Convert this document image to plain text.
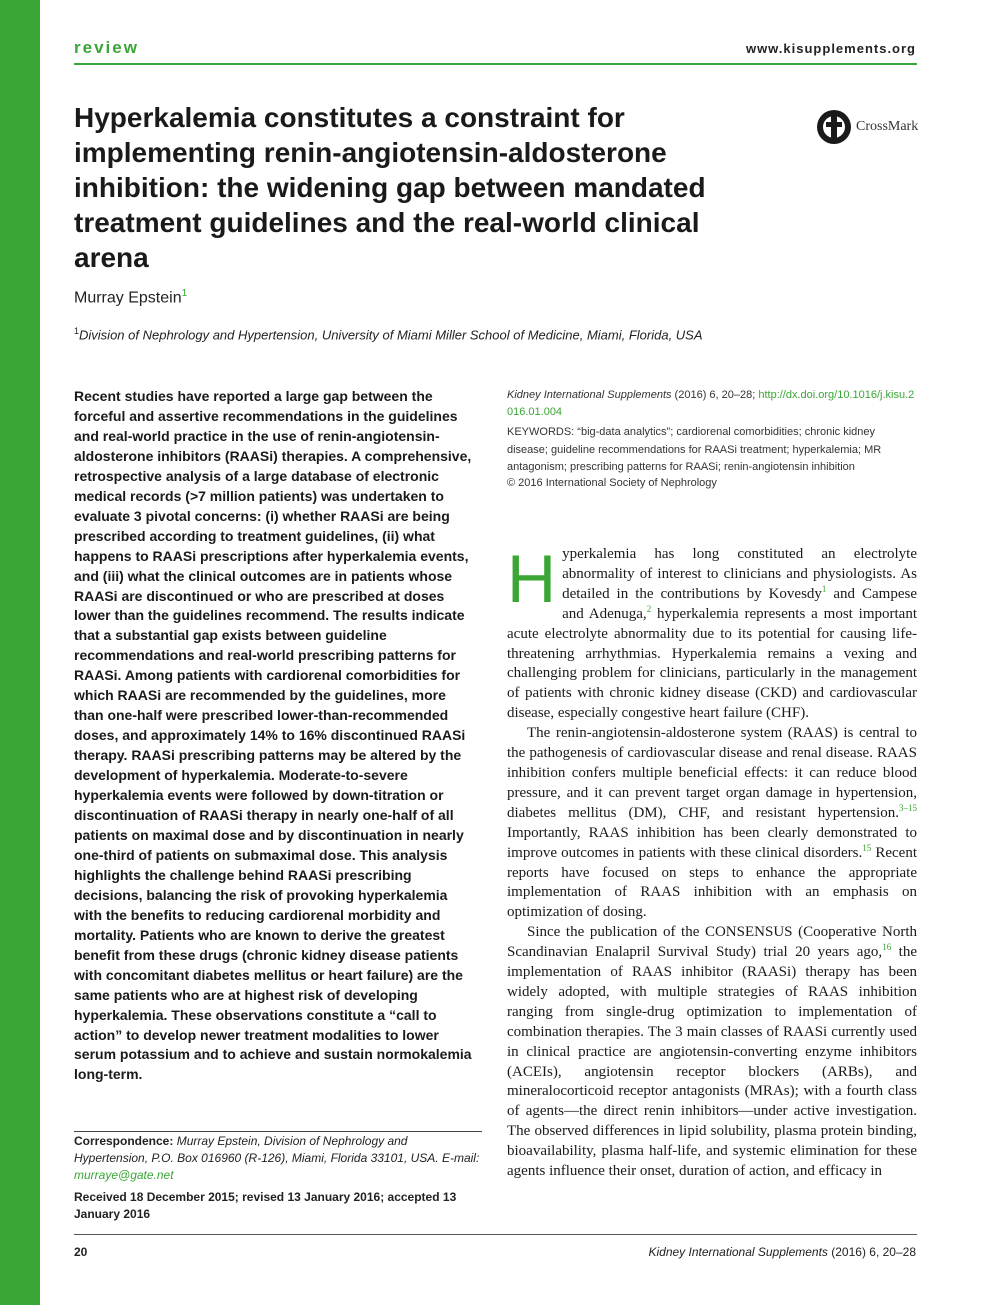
review	www.kisupplements.org
Hyperkalemia constitutes a constraint for implementing renin-angiotensin-aldosterone inhibition: the widening gap between mandated treatment guidelines and the real-world clinical arena
CrossMark
Murray Epstein$^1$
$^1$Division of Nephrology and Hypertension, University of Miami Miller School of Medicine, Miami, Florida, USA

Recent studies have reported a large gap between the forceful and assertive recommendations in the guidelines and real-world practice in the use of renin-angiotensin-aldosterone inhibitors (RAASi) therapies. A comprehensive, retrospective analysis of a large database of electronic medical records (>7 million patients) was undertaken to evaluate 3 pivotal concerns: (i) whether RAASi are being prescribed according to treatment guidelines, (ii) what happens to RAASi prescriptions after hyperkalemia events, and (iii) what the clinical outcomes are in patients whose RAASi are discontinued or who are prescribed at doses lower than the guidelines recommend. The results indicate that a substantial gap exists between guideline recommendations and real-world prescribing patterns for RAASi. Among patients with cardiorenal comorbidities for which RAASi are recommended by the guidelines, more than one-half were prescribed lower-than-recommended doses, and approximately 14% to 16% discontinued RAASi therapy. RAASi prescribing patterns may be altered by the development of hyperkalemia. Moderate-to-severe hyperkalemia events were followed by down-titration or discontinuation of RAASi therapy in nearly one-half of all patients on maximal dose and by discontinuation in nearly one-third of patients on submaximal dose. This analysis highlights the challenge behind RAASi prescribing decisions, balancing the risk of provoking hyperkalemia with the benefits to reducing cardiorenal morbidity and mortality. Patients who are known to derive the greatest benefit from these drugs (chronic kidney disease patients with concomitant diabetes mellitus or heart failure) are the same patients who are at highest risk of developing hyperkalemia. These observations constitute a “call to action” to develop newer treatment modalities to lower serum potassium and to achieve and sustain normokalemia long-term.

Kidney International Supplements (2016) 6, 20–28; http://dx.doi.org/10.1016/j.kisu.2016.01.004

KEYWORDS: “big-data analytics”; cardiorenal comorbidities; chronic kidney disease; guideline recommendations for RAASi treatment; hyperkalemia; MR antagonism; prescribing patterns for RAASi; renin-angiotensin inhibition

© 2016 International Society of Nephrology

Hyperkalemia has long constituted an electrolyte abnormality of interest to clinicians and physiologists. As detailed in the contributions by Kovesdy$^1$ and Campese and Adenuga,$^2$ hyperkalemia represents a most important acute electrolyte abnormality due to its potential for causing life-threatening arrhythmias. Hyperkalemia remains a vexing and challenging problem for clinicians, particularly in the management of patients with chronic kidney disease (CKD) and cardiovascular disease, especially congestive heart failure (CHF).

The renin-angiotensin-aldosterone system (RAAS) is central to the pathogenesis of cardiovascular disease and renal disease. RAAS inhibition confers multiple beneficial effects: it can reduce blood pressure, and it can prevent target organ damage in hypertension, diabetes mellitus (DM), CHF, and resistant hypertension.$^{3-15}$ Importantly, RAAS inhibition has been clearly demonstrated to improve outcomes in patients with these clinical disorders.$^{15}$ Recent reports have focused on steps to enhance the appropriate implementation of RAAS inhibition with an emphasis on optimization of dosing.

Since the publication of the CONSENSUS (Cooperative North Scandinavian Enalapril Survival Study) trial 20 years ago,$^{16}$ the implementation of RAAS inhibitor (RAASi) therapy has been widely adopted, with multiple strategies of RAAS inhibition ranging from single-drug optimization to implementation of combination therapies. The 3 main classes of RAASi currently used in clinical practice are angiotensin-converting enzyme inhibitors (ACEIs), angiotensin receptor blockers (ARBs), and mineralocorticoid receptor antagonists (MRAs); with a fourth class of agents—the direct renin inhibitors—under active investigation. The observed differences in lipid solubility, plasma protein binding, bioavailability, plasma half-life, and systemic elimination for these agents influence their onset, duration of action, and efficacy in

Correspondence: Murray Epstein, Division of Nephrology and Hypertension, P.O. Box 016960 (R-126), Miami, Florida 33101, USA. E-mail: murraye@gate.net

Received 18 December 2015; revised 13 January 2016; accepted 13 January 2016

20	Kidney International Supplements (2016) 6, 20–28
